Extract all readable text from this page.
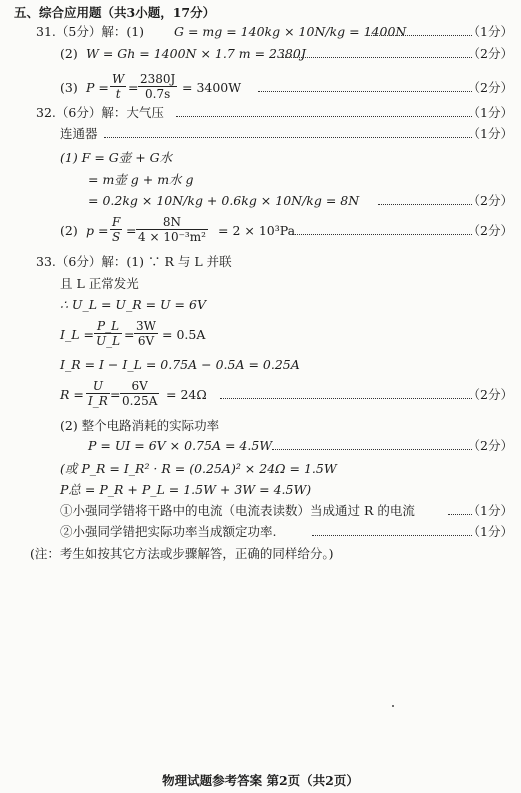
五、综合应用题（共3小题，17分）
31.（5分）解：(1) G = mg = 140kg × 10N/kg = 1400N	（1分）
(2) W = Gh = 1400N × 1.7 m = 2380J	（2分）
(3) $P = \frac{W}{t} = \frac{2380J}{0.7s} = 3400W$	（2分）
32.（6分）解：大气压	（1分）
连通器	（1分）
(1) F = G壶 + G水
= m壶 g + m水 g
= 0.2kg × 10N/kg + 0.6kg × 10N/kg = 8N	（2分）
(2) $p = \frac{F}{S} = \frac{8N}{\text{4 × 10⁻³m²}} = 2 \times 10^3Pa$	（2分）
33.（6分）解：(1) ∵ R 与 L 并联
且 L 正常发光
∴ U_L = U_R = U = 6V
I_L = $\frac{P\_L}{U\_L} = \frac{3W}{6V} = 0.5A$
I_R = I − I_L = 0.75A − 0.5A = 0.25A
$R = \frac{U}{I\_R} = \frac{6V}{0.25A} = 24\Omega$	（2分）
(2) 整个电路消耗的实际功率
P = UI = 6V × 0.75A = 4.5W	（2分）
(或 P_R = I_R² · R = (0.25A)² × 24Ω = 1.5W
P总 = P_R + P_L = 1.5W + 3W = 4.5W)
①小强同学错将干路中的电流（电流表读数）当成通过 R 的电流	（1分）
②小强同学错把实际功率当成额定功率.	（1分）
(注：考生如按其它方法或步骤解答，正确的同样给分。)
物理试题参考答案 第2页（共2页）
